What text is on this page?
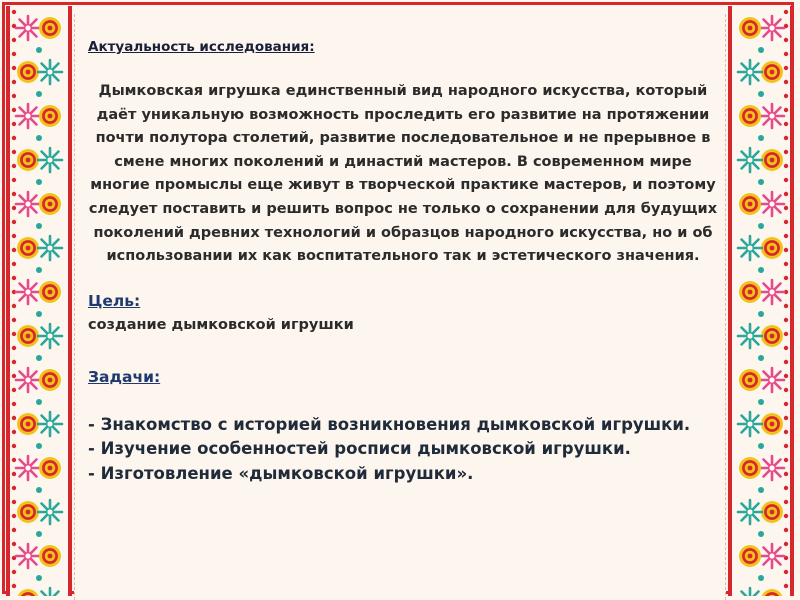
Актуальность исследования:

Дымковская игрушка единственный вид народного искусства, который даёт уникальную возможность проследить его развитие на протяжении почти полутора столетий, развитие последовательное и не прерывное в смене многих поколений и династий мастеров. В современном мире многие промыслы еще живут в творческой практике мастеров, и поэтому следует поставить и решить вопрос не только о сохранении для будущих поколений древних технологий и образцов народного искусства, но и об использовании их как воспитательного так и эстетического значения.

Цель:

создание дымковской игрушки

Задачи:

- Знакомство с историей возникновения дымковской игрушки.
- Изучение особенностей росписи дымковской игрушки.
- Изготовление «дымковской игрушки».
